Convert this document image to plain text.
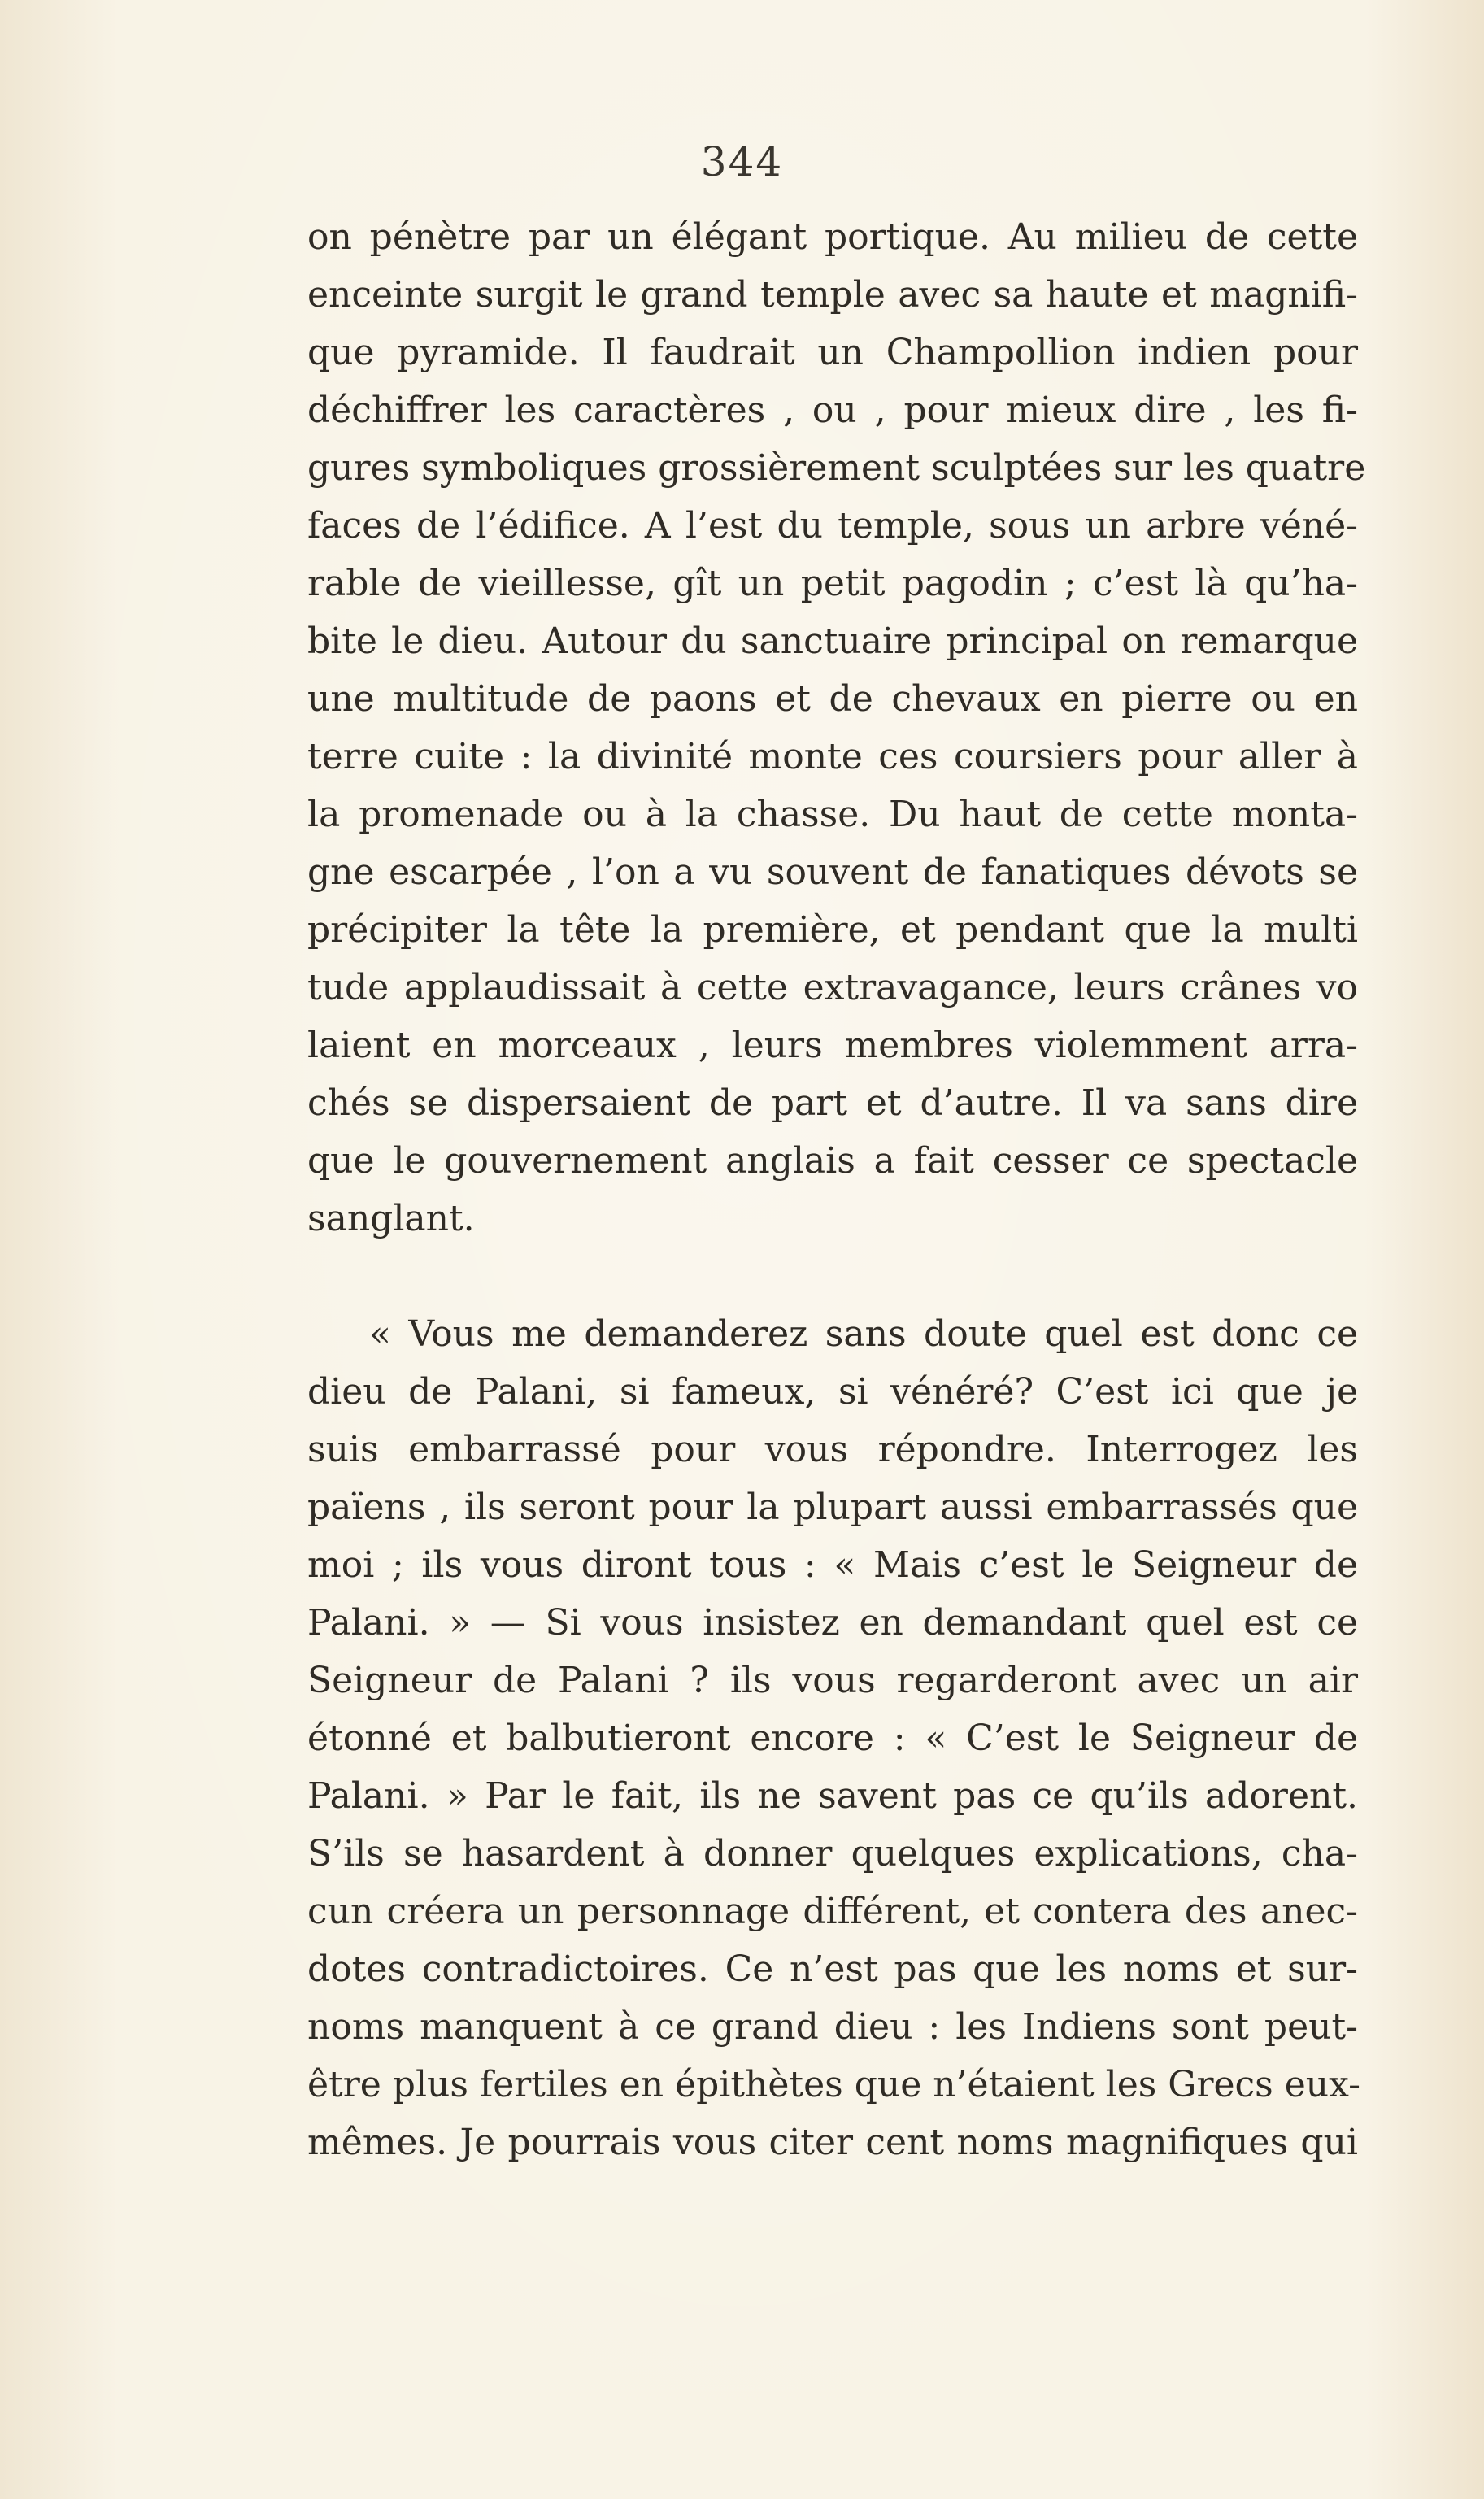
344
on pénètre par un élégant portique. Au milieu de cette
enceinte surgit le grand temple avec sa haute et magnifi-
que pyramide. Il faudrait un Champollion indien pour
déchiffrer les caractères , ou , pour mieux dire , les fi-
gures symboliques grossièrement sculptées sur les quatre
faces de l’édifice. A l’est du temple, sous un arbre véné-
rable de vieillesse, gît un petit pagodin ; c’est là qu’ha-
bite le dieu. Autour du sanctuaire principal on remarque
une multitude de paons et de chevaux en pierre ou en
terre cuite : la divinité monte ces coursiers pour aller à
la promenade ou à la chasse. Du haut de cette monta-
gne escarpée , l’on a vu souvent de fanatiques dévots se
précipiter la tête la première, et pendant que la multi
tude applaudissait à cette extravagance, leurs crânes vo
laient en morceaux , leurs membres violemment arra-
chés se dispersaient de part et d’autre. Il va sans dire
que le gouvernement anglais a fait cesser ce spectacle
sanglant.
« Vous me demanderez sans doute quel est donc ce
dieu de Palani, si fameux, si vénéré? C’est ici que je
suis embarrassé pour vous répondre. Interrogez les
païens , ils seront pour la plupart aussi embarrassés que
moi ; ils vous diront tous : « Mais c’est le Seigneur de
Palani. » — Si vous insistez en demandant quel est ce
Seigneur de Palani ? ils vous regarderont avec un air
étonné et balbutieront encore : « C’est le Seigneur de
Palani. » Par le fait, ils ne savent pas ce qu’ils adorent.
S’ils se hasardent à donner quelques explications, cha-
cun créera un personnage différent, et contera des anec-
dotes contradictoires. Ce n’est pas que les noms et sur-
noms manquent à ce grand dieu : les Indiens sont peut-
être plus fertiles en épithètes que n’étaient les Grecs eux-
mêmes. Je pourrais vous citer cent noms magnifiques qui
